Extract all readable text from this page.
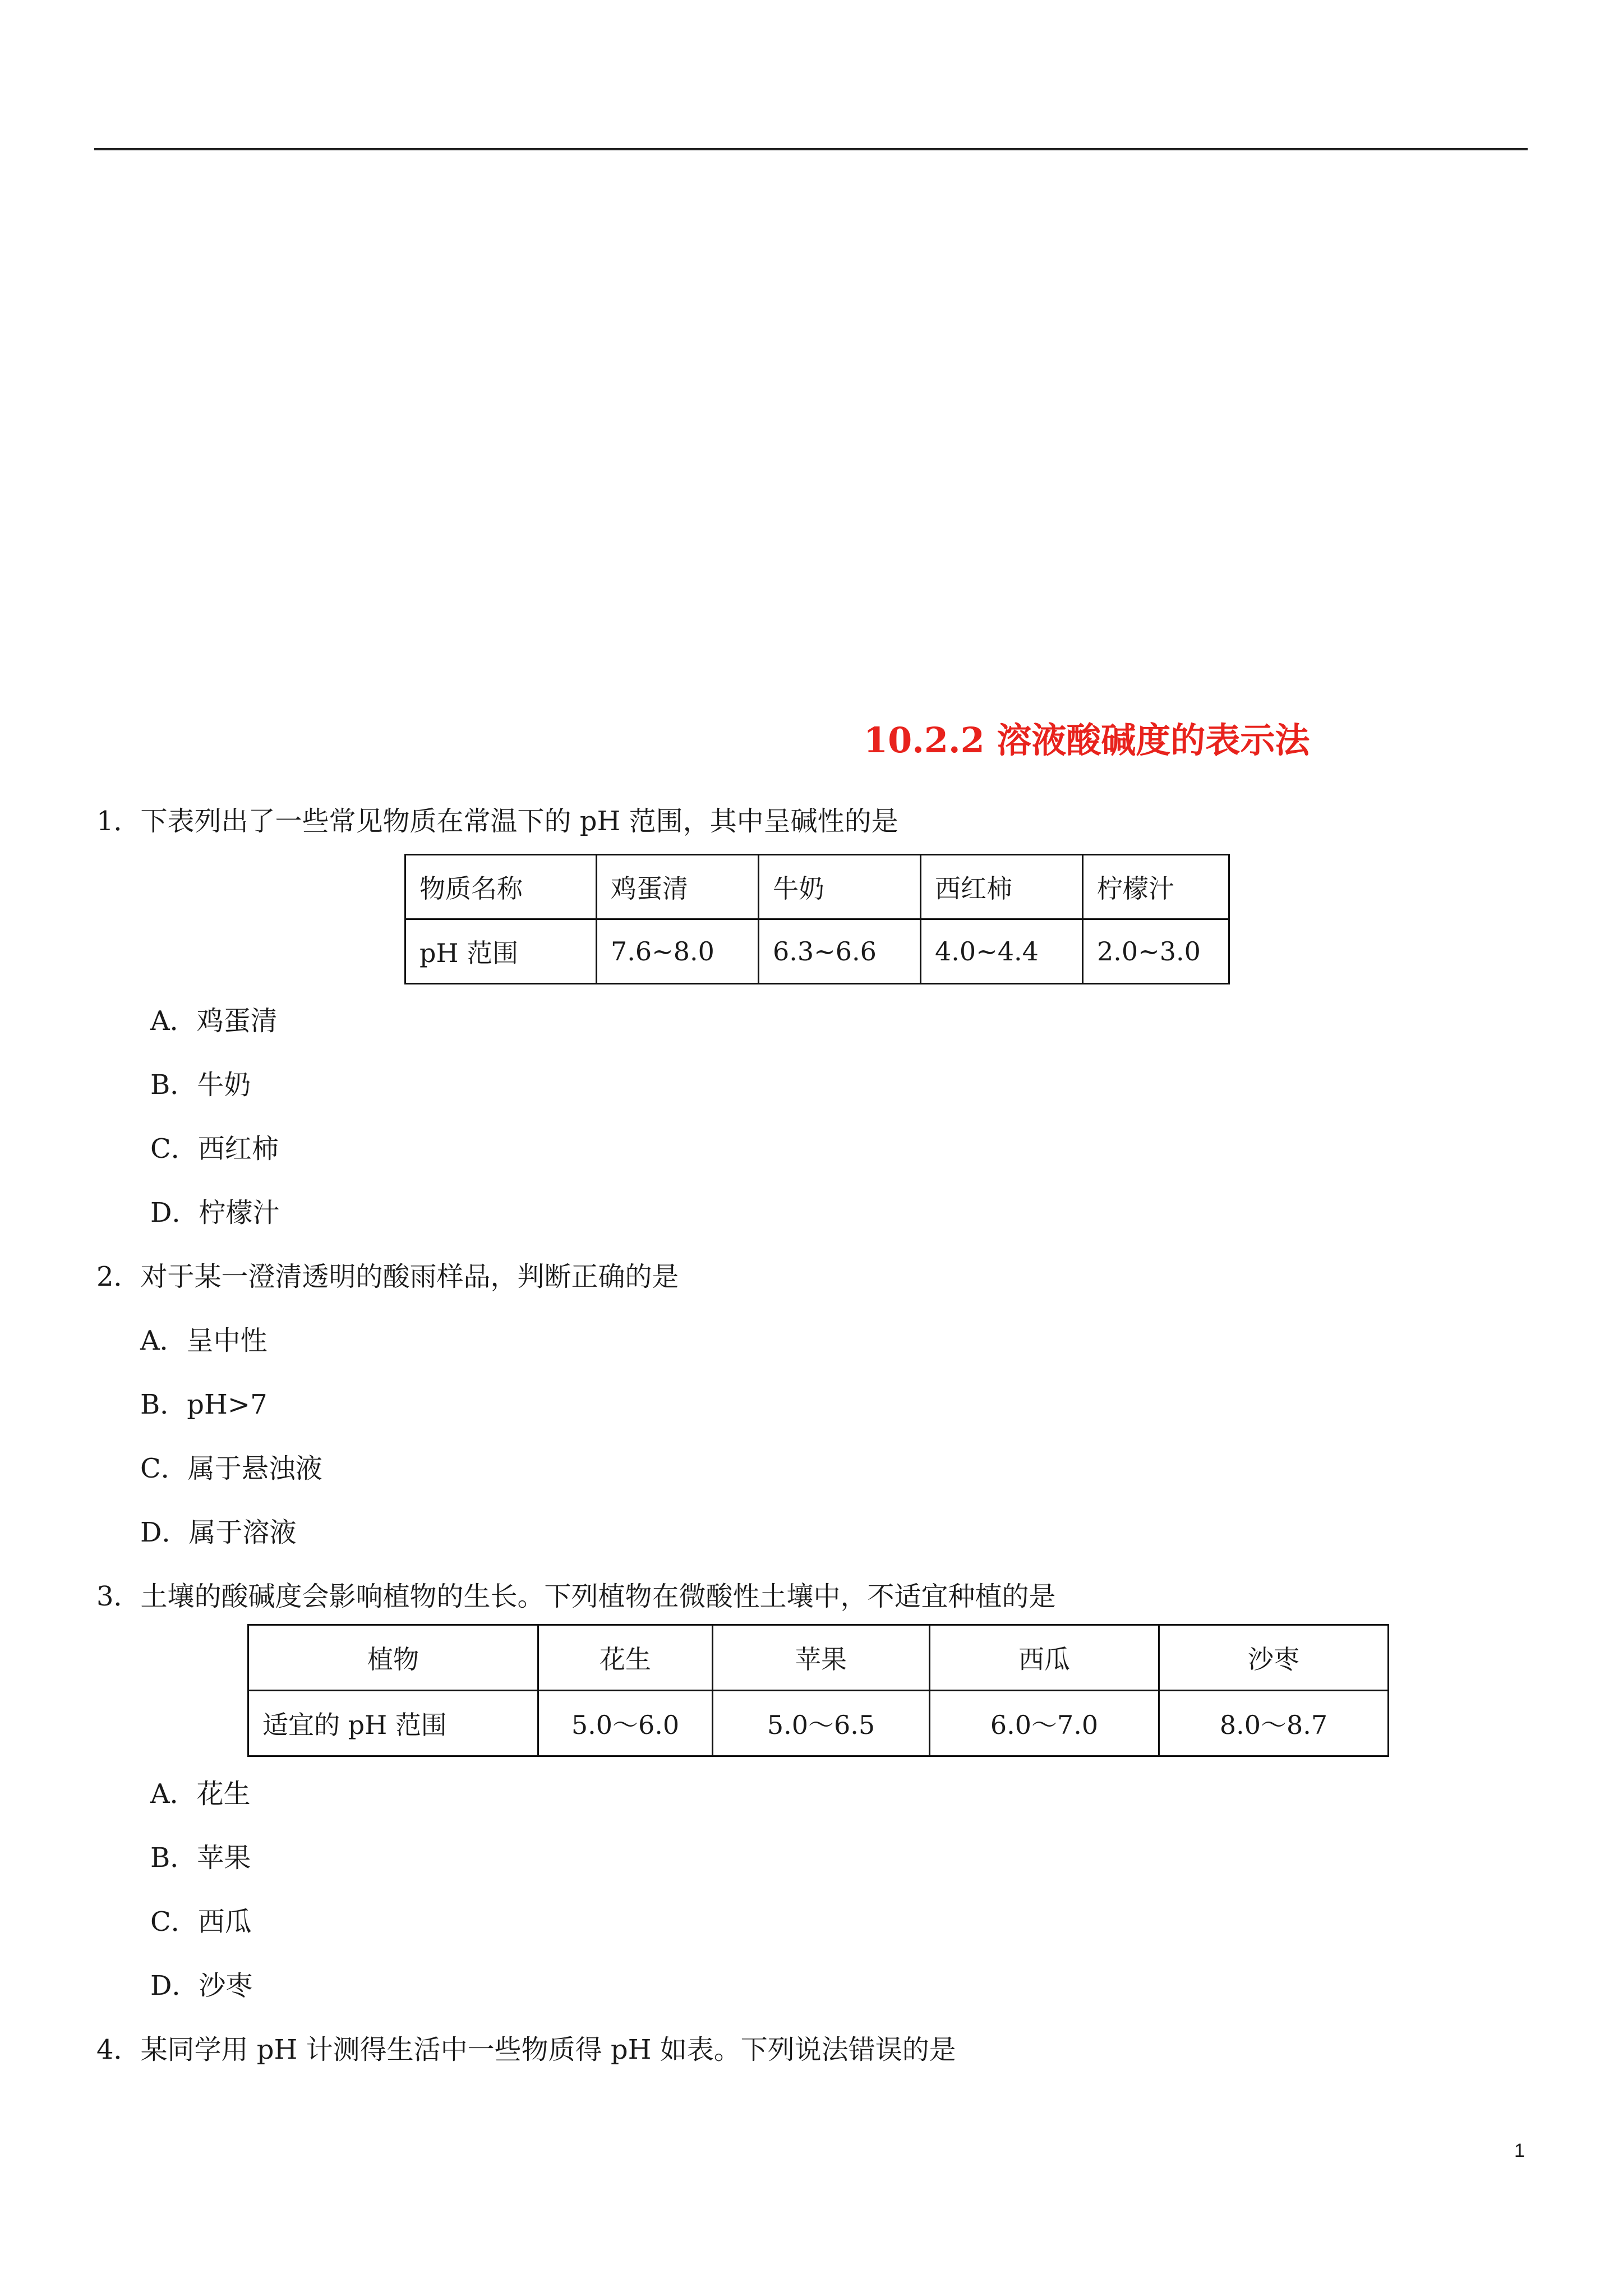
10.2.2 溶液酸碱度的表示法
1．下表列出了一些常见物质在常温下的 pH 范围，其中呈碱性的是
物质名称	鸡蛋清	牛奶	西红柿	柠檬汁
pH 范围	7.6~8.0	6.3~6.6	4.0~4.4	2.0~3.0
A．鸡蛋清
B．牛奶
C．西红柿
D．柠檬汁
2．对于某一澄清透明的酸雨样品，判断正确的是
A．呈中性
B．pH>7
C．属于悬浊液
D．属于溶液
3．土壤的酸碱度会影响植物的生长。下列植物在微酸性土壤中，不适宜种植的是
植物	花生	苹果	西瓜	沙枣
适宜的 pH 范围	5.0～6.0	5.0～6.5	6.0～7.0	8.0～8.7
A．花生
B．苹果
C．西瓜
D．沙枣
4．某同学用 pH 计测得生活中一些物质得 pH 如表。下列说法错误的是
1
